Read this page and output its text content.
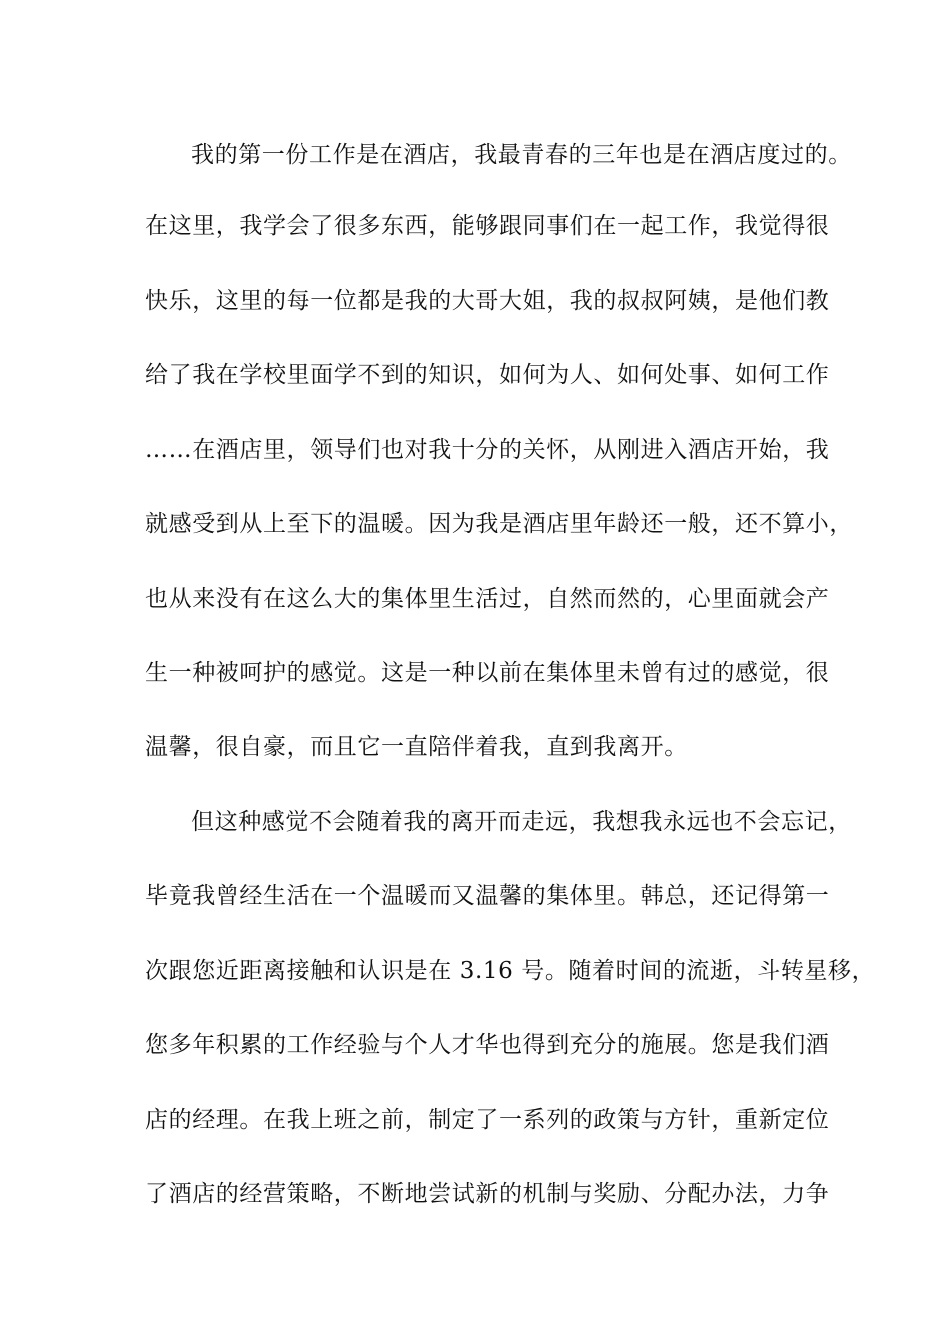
我的第一份工作是在酒店，我最青春的三年也是在酒店度过的。
在这里，我学会了很多东西，能够跟同事们在一起工作，我觉得很
快乐，这里的每一位都是我的大哥大姐，我的叔叔阿姨，是他们教
给了我在学校里面学不到的知识，如何为人、如何处事、如何工作
……在酒店里，领导们也对我十分的关怀，从刚进入酒店开始，我
就感受到从上至下的温暖。因为我是酒店里年龄还一般，还不算小，
也从来没有在这么大的集体里生活过，自然而然的，心里面就会产
生一种被呵护的感觉。这是一种以前在集体里未曾有过的感觉，很
温馨，很自豪，而且它一直陪伴着我，直到我离开。
但这种感觉不会随着我的离开而走远，我想我永远也不会忘记，
毕竟我曾经生活在一个温暖而又温馨的集体里。韩总，还记得第一
次跟您近距离接触和认识是在 3.16 号。随着时间的流逝，斗转星移，
您多年积累的工作经验与个人才华也得到充分的施展。您是我们酒
店的经理。在我上班之前，制定了一系列的政策与方针，重新定位
了酒店的经营策略，不断地尝试新的机制与奖励、分配办法，力争
